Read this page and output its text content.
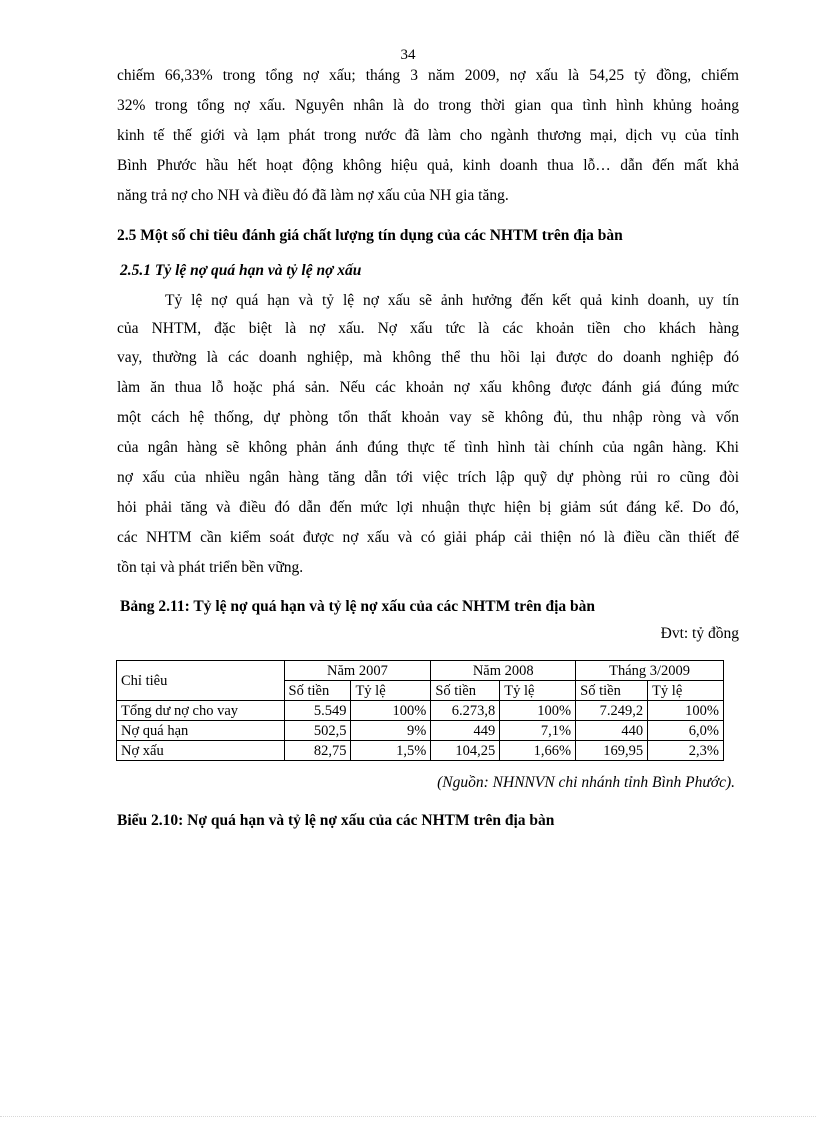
34
chiếm 66,33% trong tổng nợ xấu; tháng 3 năm 2009, nợ xấu là 54,25 tỷ đồng, chiếm
32% trong tổng nợ xấu. Nguyên nhân là do trong thời gian qua tình hình khủng hoảng
kinh tế thế giới và lạm phát trong nước đã làm cho ngành thương mại, dịch vụ của tỉnh
Bình Phước hầu hết hoạt động không hiệu quả, kinh doanh thua lỗ… dẫn đến mất khả
năng trả nợ cho NH và điều đó đã làm nợ xấu của NH gia tăng.
2.5 Một số chỉ tiêu đánh giá chất lượng tín dụng của các NHTM trên địa bàn
2.5.1 Tỷ lệ nợ quá hạn và tỷ lệ nợ xấu
Tỷ lệ nợ quá hạn và tỷ lệ nợ xấu sẽ ảnh hưởng đến kết quả kinh doanh, uy tín
của NHTM, đặc biệt là nợ xấu. Nợ xấu tức là các khoản tiền cho khách hàng
vay, thường là các doanh nghiệp, mà không thể thu hồi lại được do doanh nghiệp đó
làm ăn thua lỗ hoặc phá sản. Nếu các khoản nợ xấu không được đánh giá đúng mức
một cách hệ thống, dự phòng tổn thất khoản vay sẽ không đủ, thu nhập ròng và vốn
của ngân hàng sẽ không phản ánh đúng thực tế tình hình tài chính của ngân hàng. Khi
nợ xấu của nhiều ngân hàng tăng dẫn tới việc trích lập quỹ dự phòng rủi ro cũng đòi
hỏi phải tăng và điều đó dẫn đến mức lợi nhuận thực hiện bị giảm sút đáng kể. Do đó,
các NHTM cần kiểm soát được nợ xấu và có giải pháp cải thiện nó là điều cần thiết để
tồn tại và phát triển bền vững.
Bảng 2.11: Tỷ lệ nợ quá hạn và tỷ lệ nợ xấu của các NHTM trên địa bàn
Đvt: tỷ đồng
Chỉ tiêu	Năm 2007		Năm 2008		Tháng 3/2009	
	Số tiền	Tỷ lệ	Số tiền	Tỷ lệ	Số tiền	Tỷ lệ
Tổng dư nợ cho vay	5.549	100%	6.273,8	100%	7.249,2	100%
Nợ quá hạn	502,5	9%	449	7,1%	440	6,0%
Nợ xấu	82,75	1,5%	104,25	1,66%	169,95	2,3%
(Nguồn: NHNNVN chi nhánh tỉnh Bình Phước).
Biểu 2.10: Nợ quá hạn và tỷ lệ nợ xấu của các NHTM trên địa bàn
